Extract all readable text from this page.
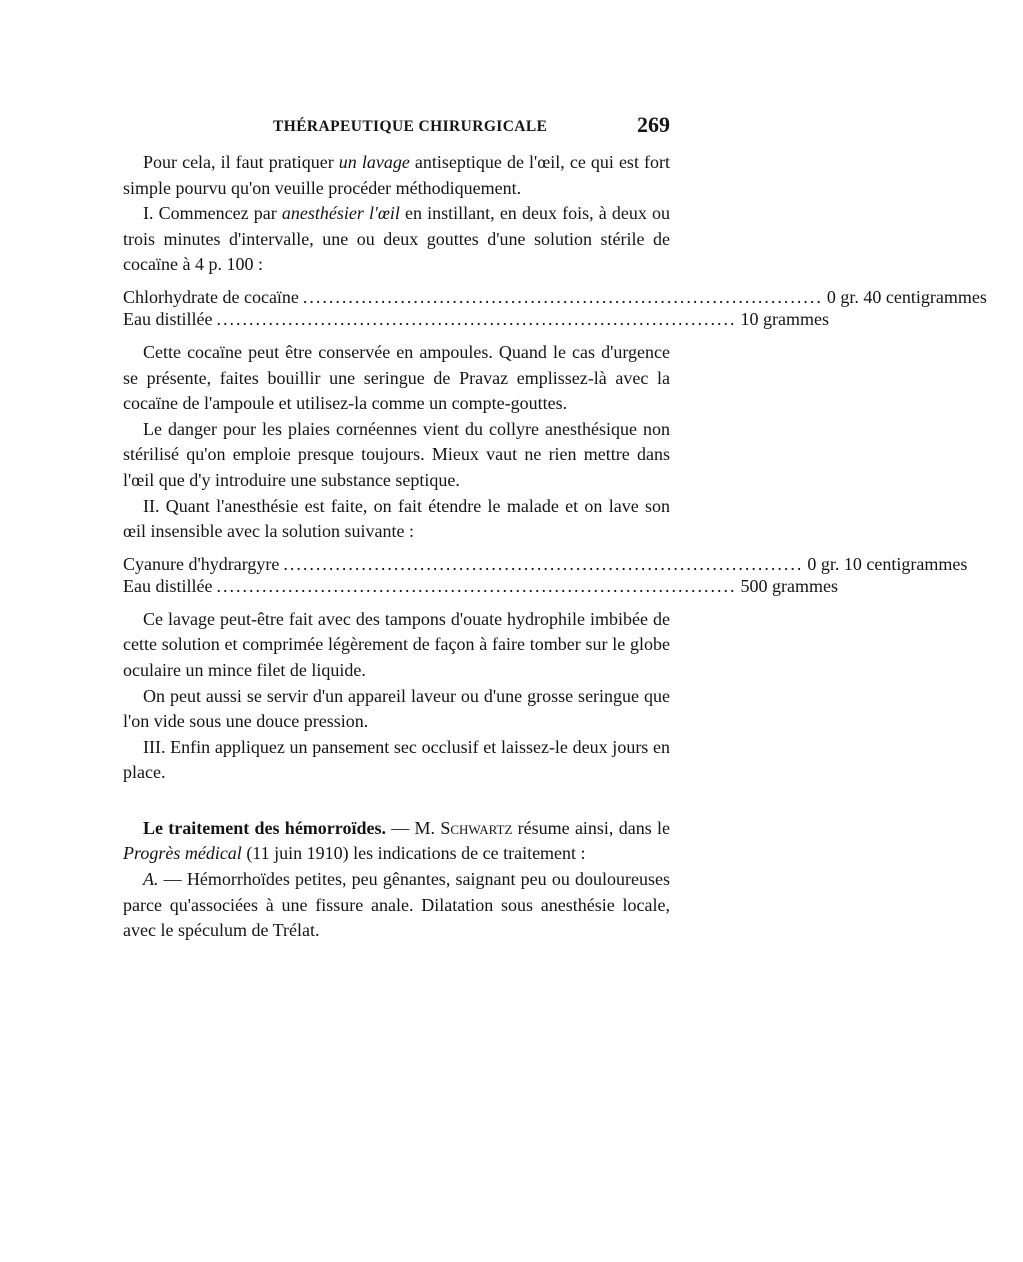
THÉRAPEUTIQUE CHIRURGICALE	269

Pour cela, il faut pratiquer un lavage antiseptique de l'œil, ce qui est fort simple pourvu qu'on veuille procéder méthodiquement.

I. Commencez par anesthésier l'œil en instillant, en deux fois, à deux ou trois minutes d'intervalle, une ou deux gouttes d'une solution stérile de cocaïne à 4 p. 100 :

Chlorhydrate de cocaïne ................................................................................ 0 gr. 40 centigrammes
Eau distillée ................................................................................ 10 grammes

Cette cocaïne peut être conservée en ampoules. Quand le cas d'urgence se présente, faites bouillir une seringue de Pravaz emplissez-là avec la cocaïne de l'ampoule et utilisez-la comme un compte-gouttes.

Le danger pour les plaies cornéennes vient du collyre anesthésique non stérilisé qu'on emploie presque toujours. Mieux vaut ne rien mettre dans l'œil que d'y introduire une substance septique.

II. Quant l'anesthésie est faite, on fait étendre le malade et on lave son œil insensible avec la solution suivante :

Cyanure d'hydrargyre ................................................................................ 0 gr. 10 centigrammes
Eau distillée ................................................................................ 500 grammes

Ce lavage peut-être fait avec des tampons d'ouate hydrophile imbibée de cette solution et comprimée légèrement de façon à faire tomber sur le globe oculaire un mince filet de liquide.

On peut aussi se servir d'un appareil laveur ou d'une grosse seringue que l'on vide sous une douce pression.

III. Enfin appliquez un pansement sec occlusif et laissez-le deux jours en place.

Le traitement des hémorroïdes. — M. Schwartz résume ainsi, dans le Progrès médical (11 juin 1910) les indications de ce traitement :

A. — Hémorrhoïdes petites, peu gênantes, saignant peu ou douloureuses parce qu'associées à une fissure anale. Dilatation sous anesthésie locale, avec le spéculum de Trélat.
